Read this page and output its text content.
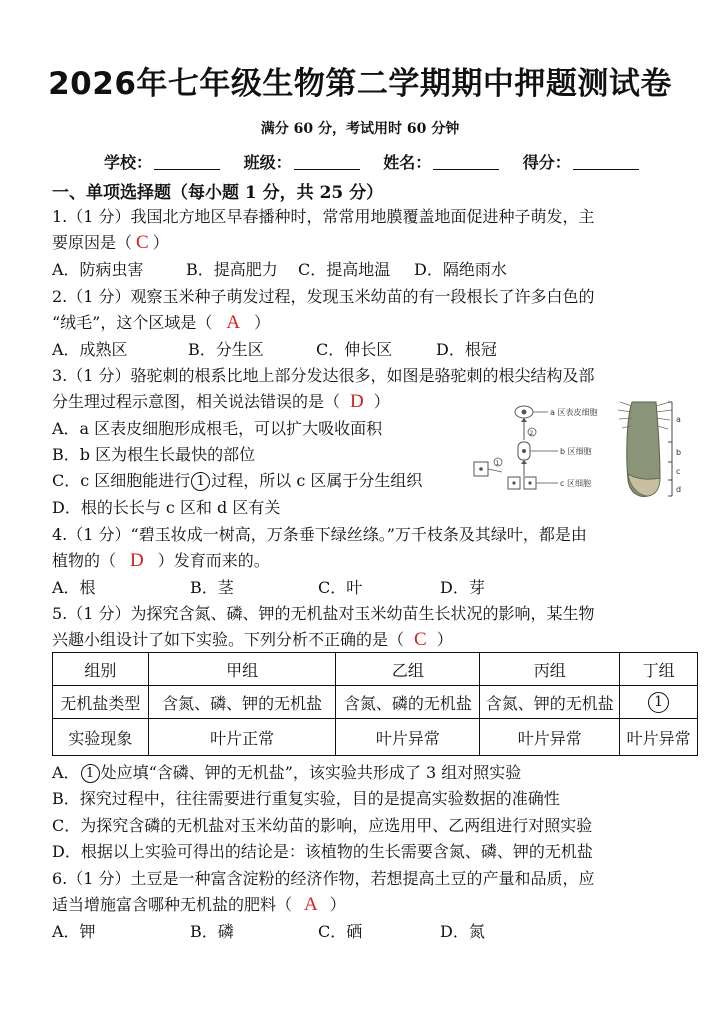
2026年七年级生物第二学期期中押题测试卷
满分 60 分，考试用时 60 分钟
学校：	班级：	姓名：	得分：
一、单项选择题（每小题 1 分，共 25 分）
1.（1 分）我国北方地区早春播种时，常常用地膜覆盖地面促进种子萌发，主
要原因是（ C ）
A．防病虫害	B．提高肥力 C．提高地温 D．隔绝雨水
2.（1 分）观察玉米种子萌发过程，发现玉米幼苗的有一段根长了许多白色的
“绒毛”，这个区域是（ A ）
A．成熟区	B．分生区	C．伸长区	D．根冠
3.（1 分）骆驼刺的根系比地上部分发达很多，如图是骆驼刺的根尖结构及部
分生理过程示意图，相关说法错误的是（ D ）
A．a 区表皮细胞形成根毛，可以扩大吸收面积
B．b 区为根生长最快的部位
C．c 区细胞能进行 1 过程，所以 c 区属于分生组织
D．根的长长与 c 区和 d 区有关
a 区表皮细胞
2
b 区细胞
1
c 区细胞
a
b
c
d
4.（1 分）“碧玉妆成一树高，万条垂下绿丝绦。”万千枝条及其绿叶，都是由
植物的（ D ）发育而来的。
A．根	B．茎	C．叶	D．芽
5.（1 分）为探究含氮、磷、钾的无机盐对玉米幼苗生长状况的影响，某生物
兴趣小组设计了如下实验。下列分析不正确的是（ C ）
组别	甲组	乙组	丙组	丁组
无机盐类型	含氮、磷、钾的无机盐	含氮、磷的无机盐	含氮、钾的无机盐	1
实验现象	叶片正常	叶片异常	叶片异常	叶片异常
A． 1 处应填“含磷、钾的无机盐”，该实验共形成了 3 组对照实验
B．探究过程中，往往需要进行重复实验，目的是提高实验数据的准确性
C．为探究含磷的无机盐对玉米幼苗的影响，应选用甲、乙两组进行对照实验
D．根据以上实验可得出的结论是：该植物的生长需要含氮、磷、钾的无机盐
6.（1 分）土豆是一种富含淀粉的经济作物，若想提高土豆的产量和品质，应
适当增施富含哪种无机盐的肥料（ A ）
A．钾	B．磷	C．硒	D．氮
